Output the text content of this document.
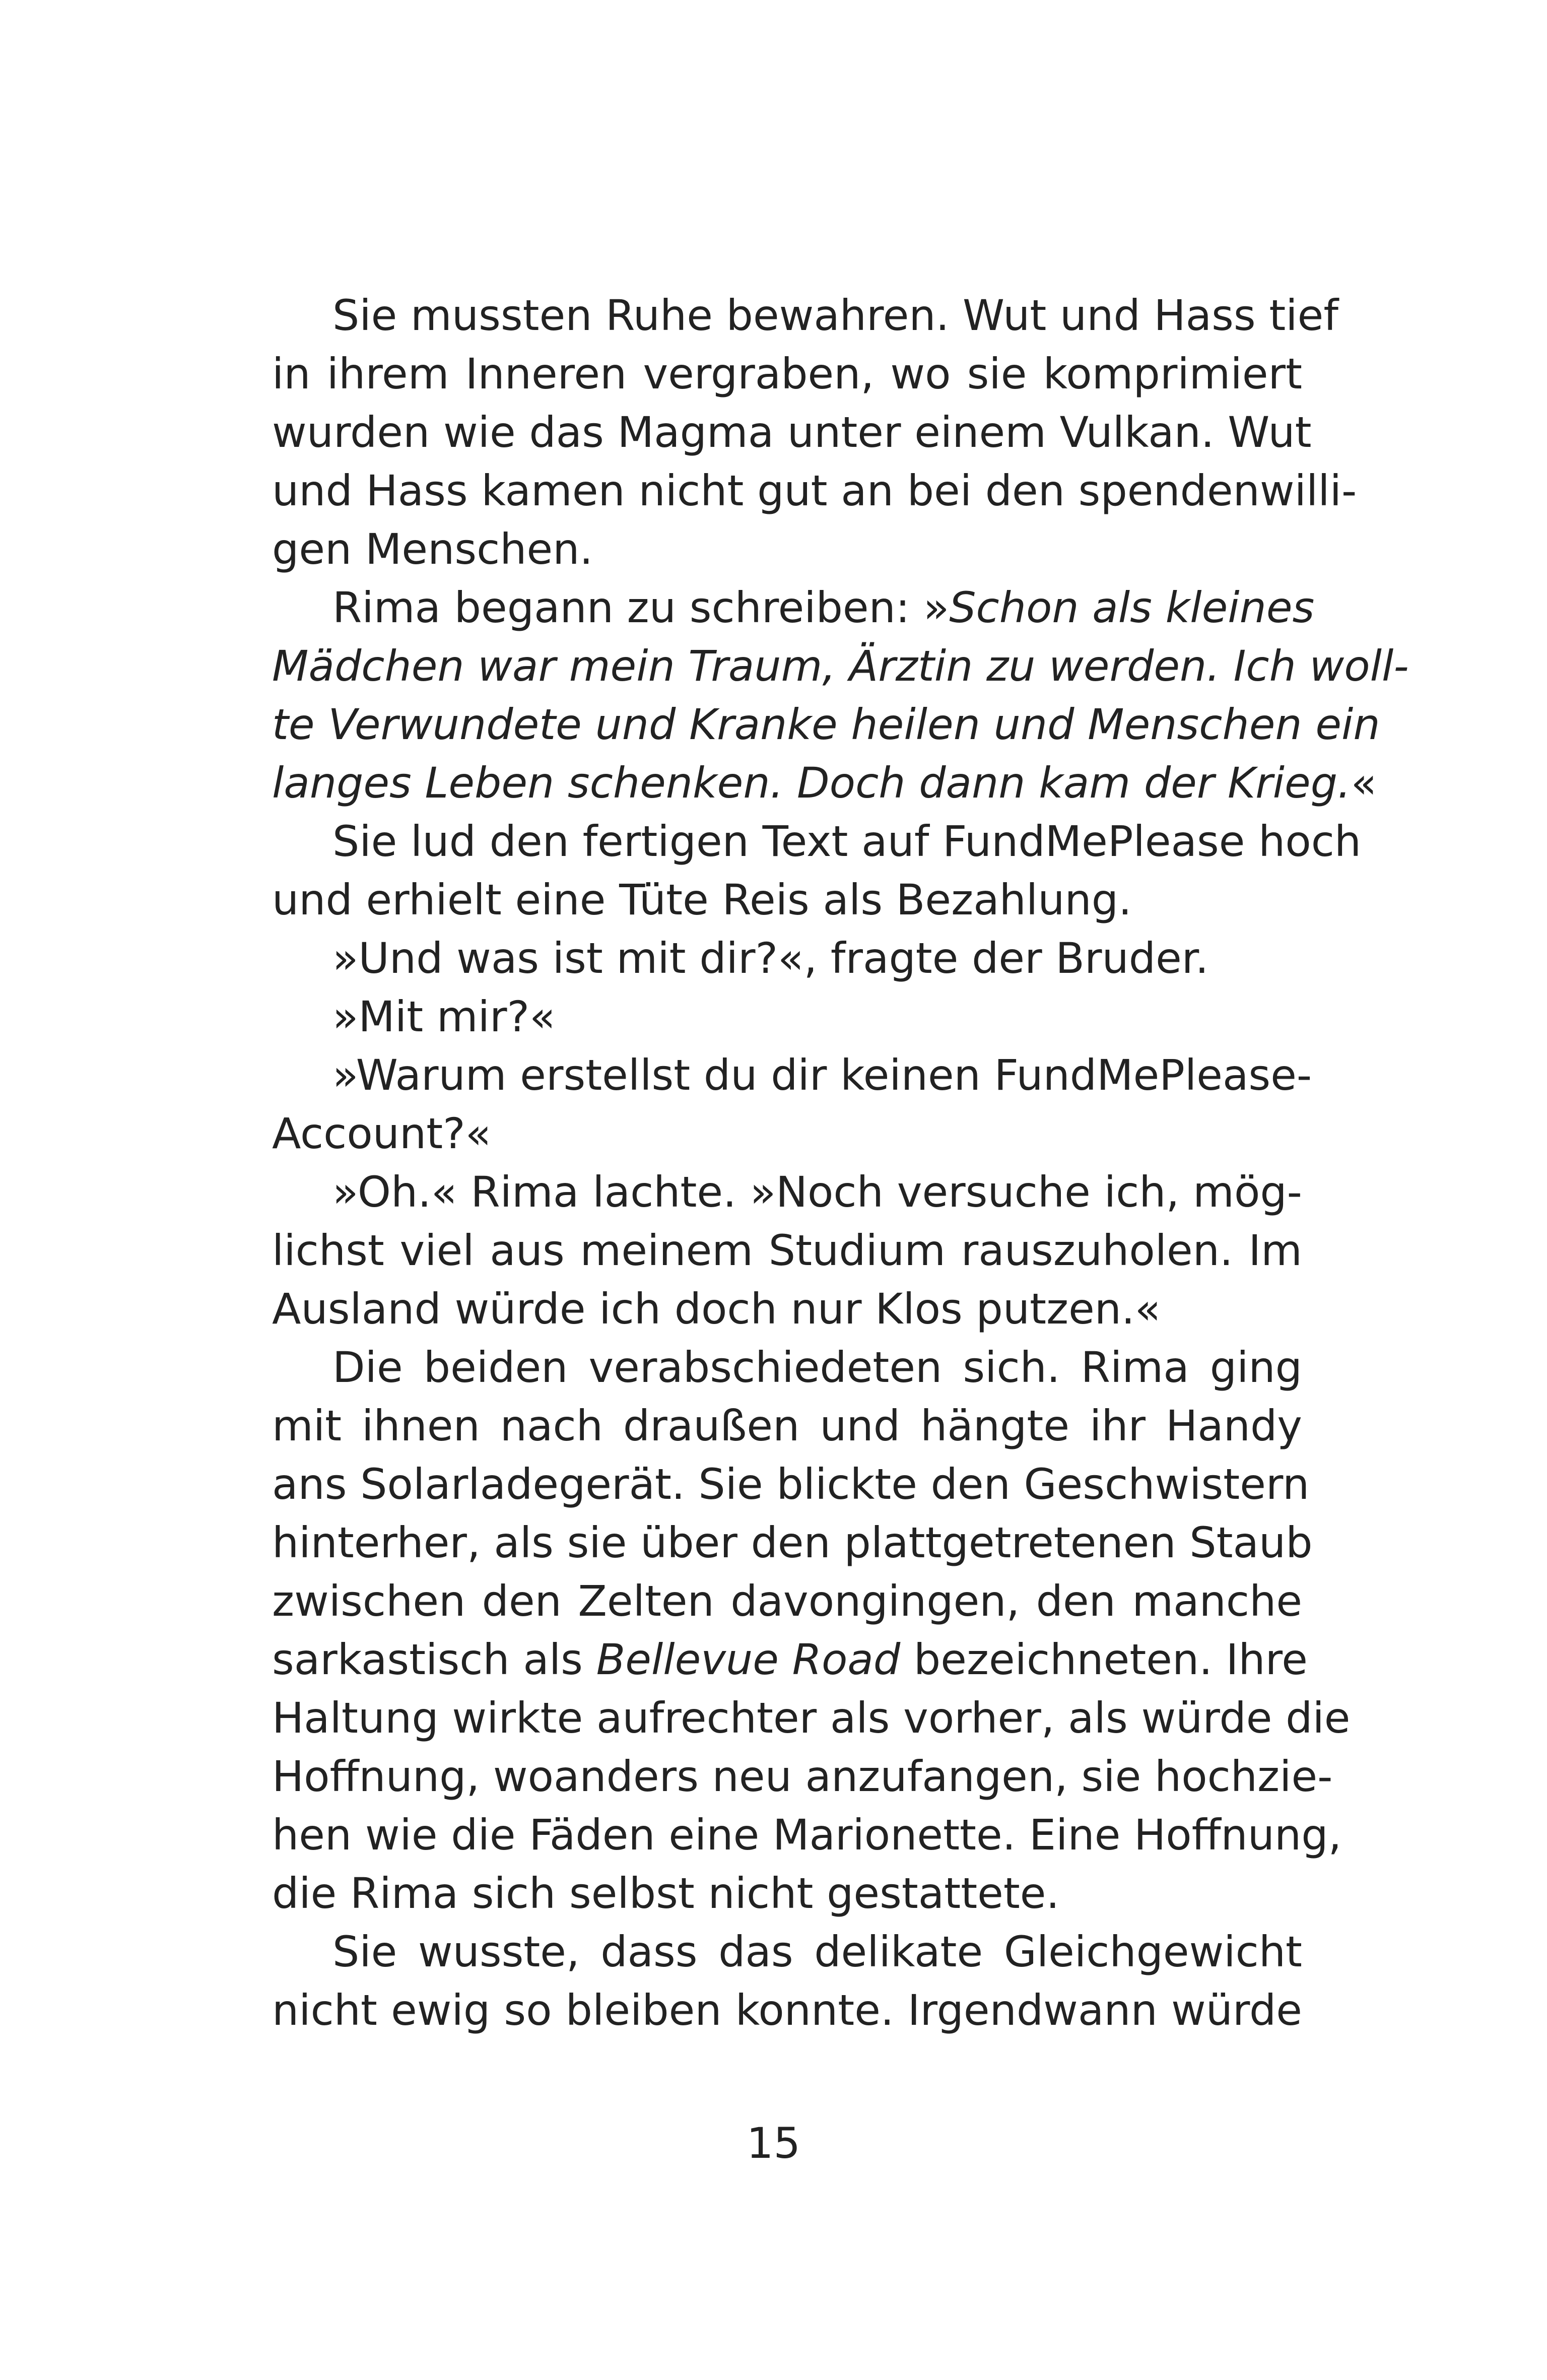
Sie mussten Ruhe bewahren. Wut und Hass tief
in ihrem Inneren vergraben, wo sie komprimiert
wurden wie das Magma unter einem Vulkan. Wut
und Hass kamen nicht gut an bei den spendenwilli-
gen Menschen.
Rima begann zu schreiben: »Schon als kleines
Mädchen war mein Traum, Ärztin zu werden. Ich woll-
te Verwundete und Kranke heilen und Menschen ein
langes Leben schenken. Doch dann kam der Krieg.«
Sie lud den fertigen Text auf FundMePlease hoch
und erhielt eine Tüte Reis als Bezahlung.
»Und was ist mit dir?«, fragte der Bruder.
»Mit mir?«
»Warum erstellst du dir keinen FundMePlease-
Account?«
»Oh.« Rima lachte. »Noch versuche ich, mög-
lichst viel aus meinem Studium rauszuholen. Im
Ausland würde ich doch nur Klos putzen.«
Die beiden verabschiedeten sich. Rima ging
mit ihnen nach draußen und hängte ihr Handy
ans Solarladegerät. Sie blickte den Geschwistern
hinterher, als sie über den plattgetretenen Staub
zwischen den Zelten davongingen, den manche
sarkastisch als Bellevue Road bezeichneten. Ihre
Haltung wirkte aufrechter als vorher, als würde die
Hoffnung, woanders neu anzufangen, sie hochzie-
hen wie die Fäden eine Marionette. Eine Hoffnung,
die Rima sich selbst nicht gestattete.
Sie wusste, dass das delikate Gleichgewicht
nicht ewig so bleiben konnte. Irgendwann würde
15
